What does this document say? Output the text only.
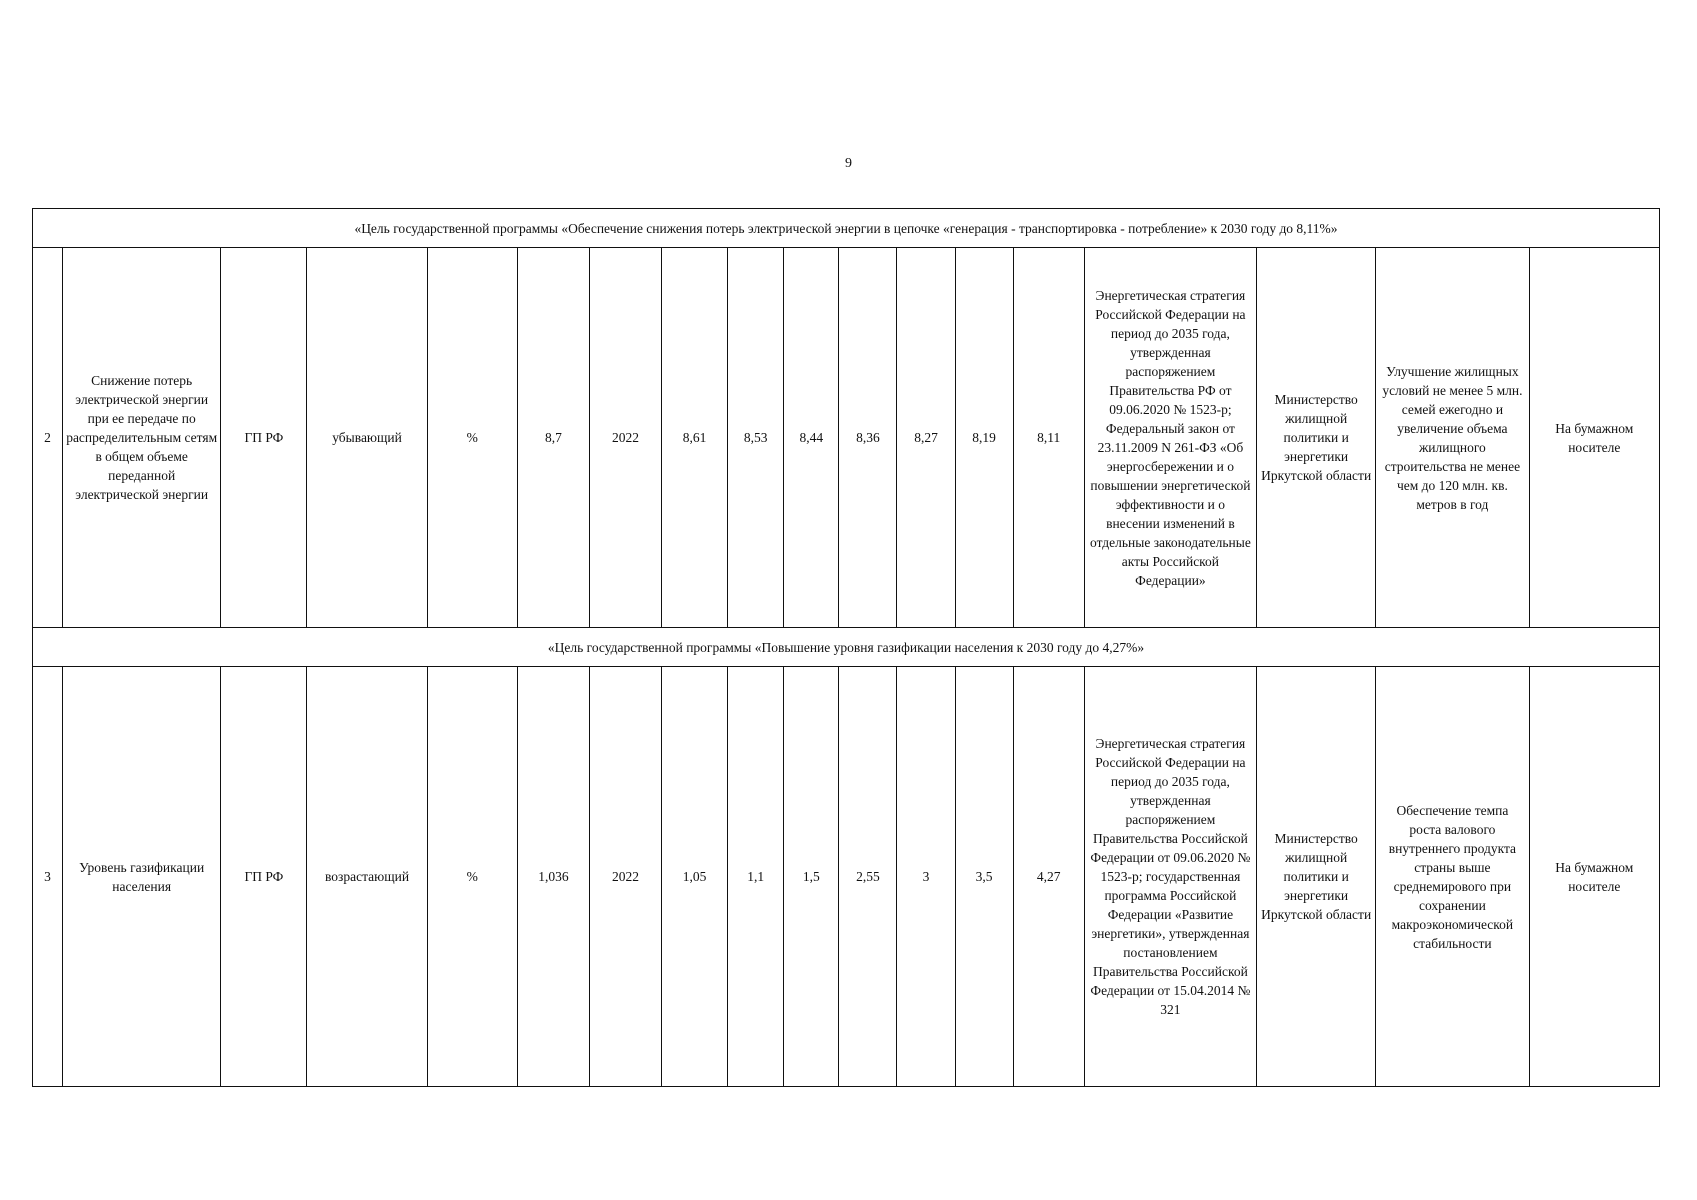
9
«Цель государственной программы «Обеспечение снижения потерь электрической энергии в цепочке «генерация - транспортировка - потребление» к 2030 году до 8,11%»																	
2	Снижение потерь электрической энергии при ее передаче по распределительным сетям в общем объеме переданной электрической энергии	ГП РФ	убывающий	%	8,7	2022	8,61	8,53	8,44	8,36	8,27	8,19	8,11	Энергетическая стратегия Российской Федерации на период до 2035 года, утвержденная распоряжением Правительства РФ от 09.06.2020 № 1523-р; Федеральный закон от 23.11.2009 N 261-ФЗ «Об энергосбережении и о повышении энергетической эффективности и о внесении изменений в отдельные законодательные акты Российской Федерации»	Министерство жилищной политики и энергетики Иркутской области	Улучшение жилищных условий не менее 5 млн. семей ежегодно и увеличение объема жилищного строительства не менее чем до 120 млн. кв. метров в год	На бумажном носителе
«Цель государственной программы «Повышение уровня газификации населения к 2030 году до 4,27%»																	
3	Уровень газификации населения	ГП РФ	возрастающий	%	1,036	2022	1,05	1,1	1,5	2,55	3	3,5	4,27	Энергетическая стратегия Российской Федерации на период до 2035 года, утвержденная распоряжением Правительства Российской Федерации от 09.06.2020 № 1523-р; государственная программа Российской Федерации «Развитие энергетики», утвержденная постановлением Правительства Российской Федерации от 15.04.2014 № 321	Министерство жилищной политики и энергетики Иркутской области	Обеспечение темпа роста валового внутреннего продукта страны выше среднемирового при сохранении макроэкономической стабильности	На бумажном носителе
